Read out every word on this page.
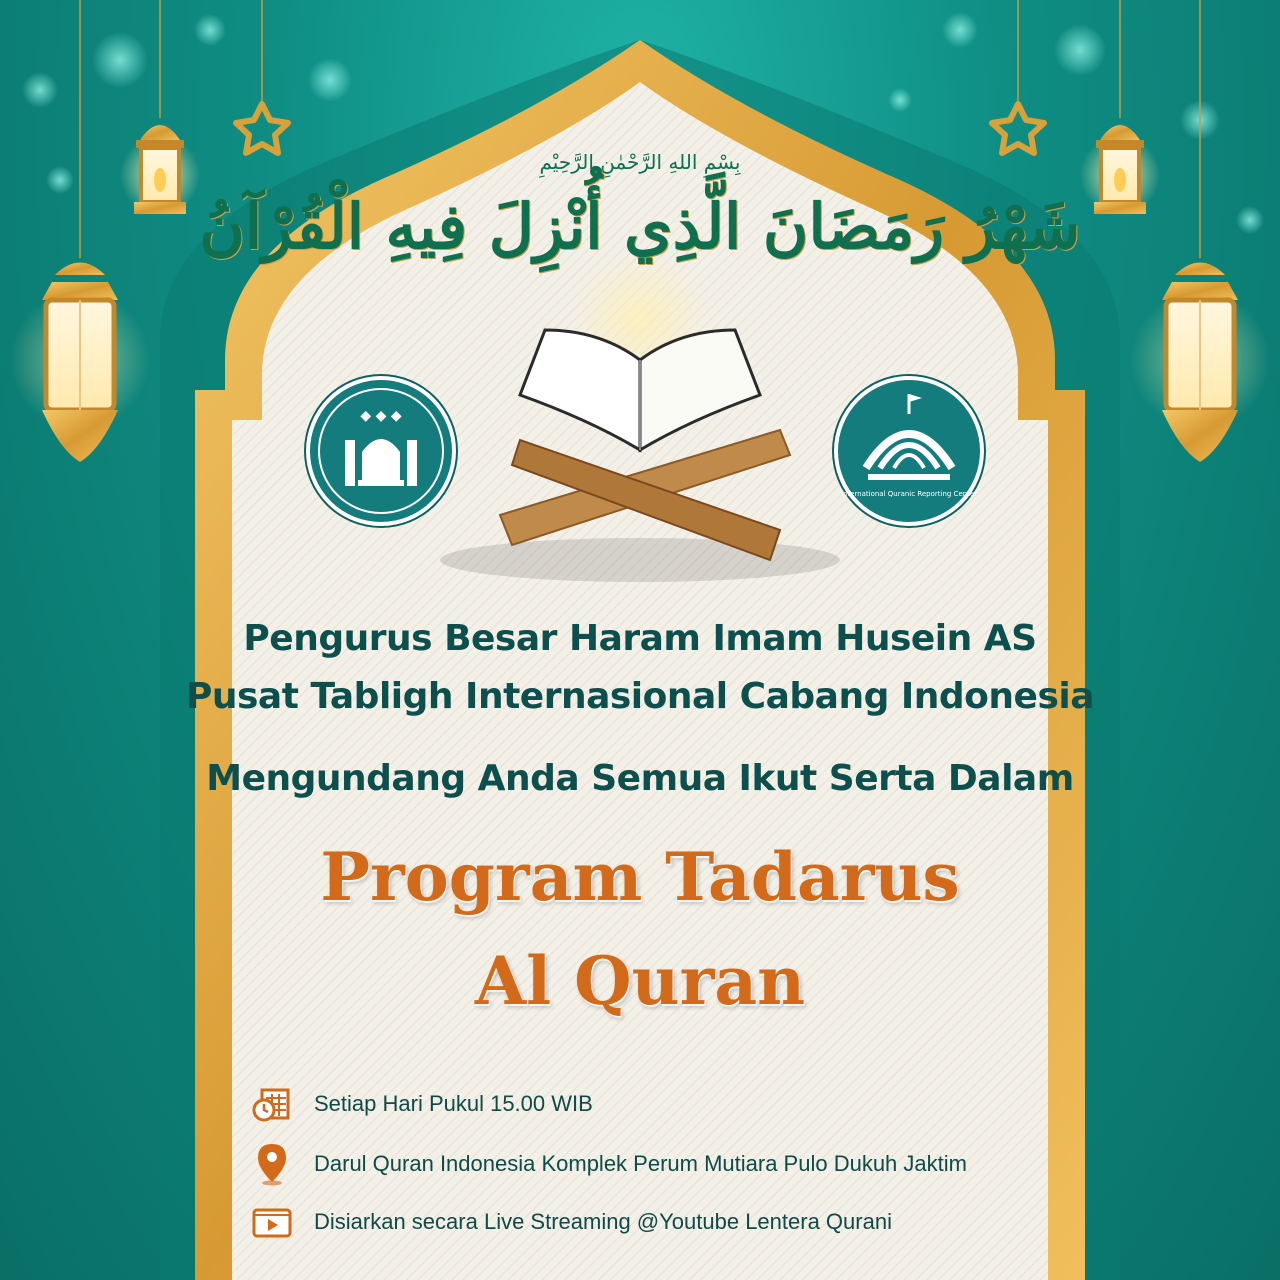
◆ ◆ ◆
International Quranic Reporting Center
بِسْمِ اللهِ الرَّحْمٰنِ الرَّحِيْمِ
شَهْرُ رَمَضَانَ الَّذِي أُنْزِلَ فِيهِ الْقُرْآنُ
Pengurus Besar Haram Imam Husein AS
Pusat Tabligh Internasional Cabang Indonesia
Mengundang Anda Semua Ikut Serta Dalam
Program Tadarus
Al Quran
Setiap Hari Pukul 15.00 WIB
Darul Quran Indonesia Komplek Perum Mutiara Pulo Dukuh Jaktim
Disiarkan secara Live Streaming @Youtube Lentera Qurani
